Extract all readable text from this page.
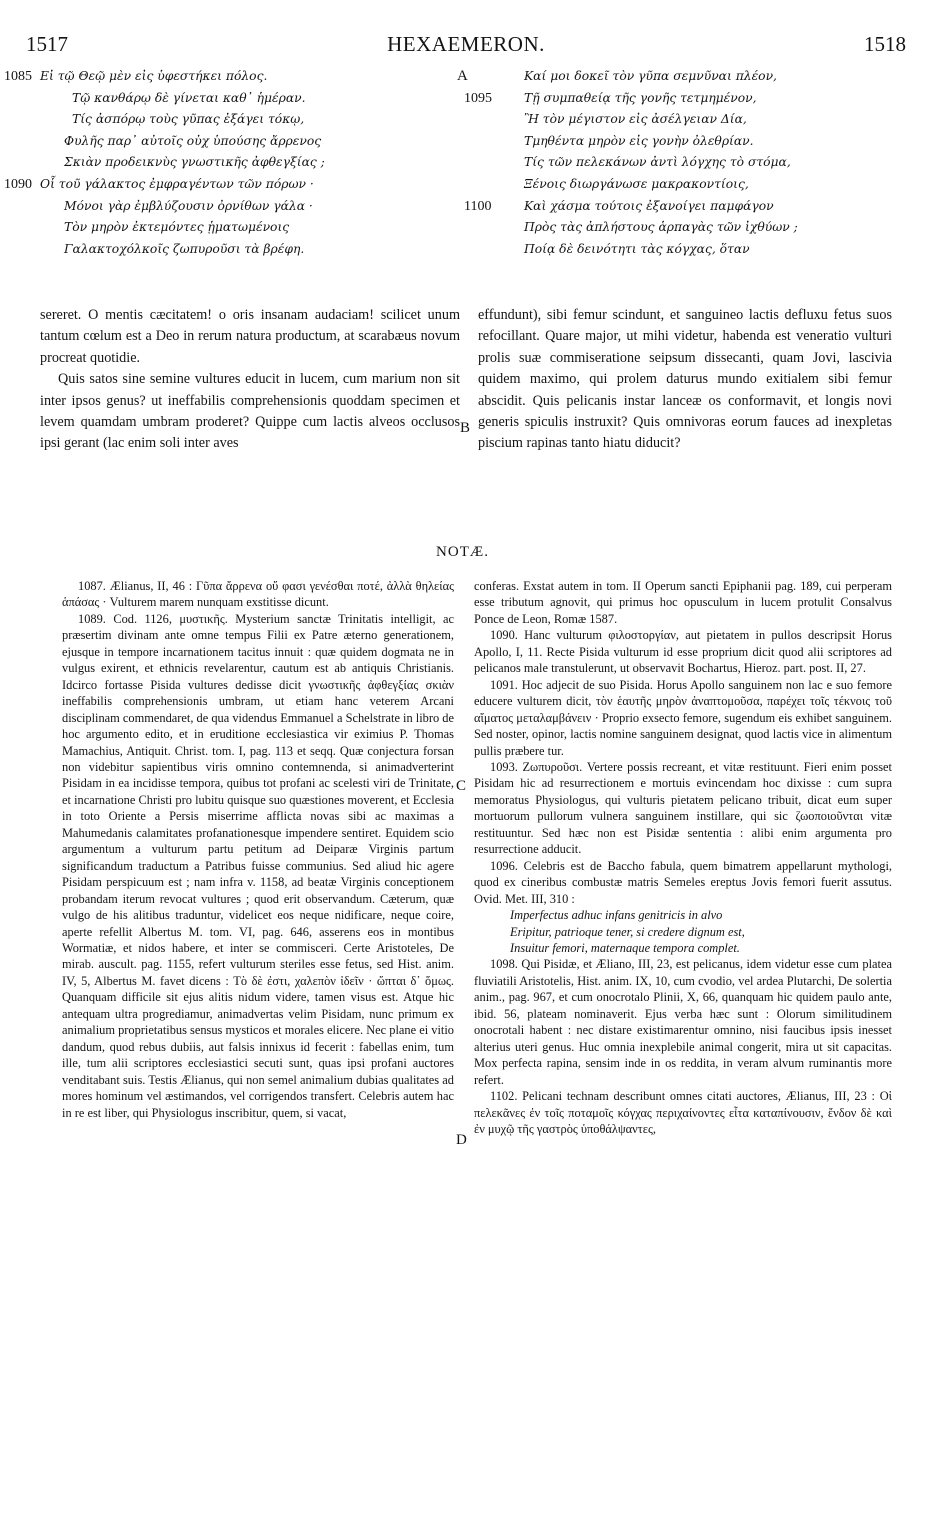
1517	HEXAEMERON.	1518
1085 Εἰ τῷ Θεῷ μὲν εἰς ὑφεστήκει πόλος.
Τῷ κανθάρῳ δὲ γίνεται καθ᾽ ἡμέραν.
Τίς ἀσπόρῳ τοὺς γῦπας ἐξάγει τόκῳ,
Φυλῆς παρ᾽ αὐτοῖς οὐχ ὑπούσης ἄρρενος
Σκιὰν προδεικνὺς γνωστικῆς ἀφθεγξίας ;
1090 Οἷ τοῦ γάλακτος ἐμφραγέντων τῶν πόρων ·
Μόνοι γὰρ ἐμβλύζουσιν ὀρνίθων γάλα ·
Τὸν μηρὸν ἐκτεμόντες ᾑματωμένοις
Γαλακτοχόλκοῖς ζωπυροῦσι τὰ βρέφη.
A	Καί μοι δοκεῖ τὸν γῦπα σεμνῦναι πλέον,
1095	Τῇ συμπαθείᾳ τῆς γονῆς τετμημένον,
Ἢ τὸν μέγιστον εἰς ἀσέλγειαν Δία,
Τμηθέντα μηρὸν εἰς γονὴν ὀλεθρίαν.
Τίς τῶν πελεκάνων ἀντὶ λόγχης τὸ στόμα,
Ξένοις διωργάνωσε μακρακοντίοις,
1100	Καὶ χάσμα τούτοις ἐξανοίγει παμφάγον
Πρὸς τὰς ἀπλήστους ἁρπαγὰς τῶν ἰχθύων ;
Ποίᾳ δὲ δεινότητι τὰς κόγχας, ὅταν

sereret. O mentis cæcitatem! o oris insanam audaciam! scilicet unum tantum cœlum est a Deo in rerum natura productum, at scarabæus novum procreat quotidie.

Quis satos sine semine vultures educit in lucem, cum marium non sit inter ipsos genus? ut ineffabilis comprehensionis quoddam specimen et levem quamdam umbram proderet? Quippe cum lactis alveos occlusos ipsi gerant (lac enim soli inter aves

B

effundunt), sibi femur scindunt, et sanguineo lactis defluxu fetus suos refocillant. Quare major, ut mihi videtur, habenda est veneratio vulturi prolis suæ commiseratione seipsum dissecanti, quam Jovi, lascivia quidem maximo, qui prolem daturus mundo exitialem sibi femur abscidit. Quis pelicanis instar lanceæ os conformavit, et longis novi generis spiculis instruxit? Quis omnivoras eorum fauces ad inexpletas piscium rapinas tanto hiatu diducit?

NOTÆ.

1087. Ælianus, II, 46 : Γῦπα ἄρρενα οὔ φασι γενέσθαι ποτέ, ἀλλὰ θηλείας ἁπάσας · Vulturem marem nunquam exstitisse dicunt.

1089. Cod. 1126, μυστικῆς. Mysterium sanctæ Trinitatis intelligit, ac præsertim divinam ante omne tempus Filii ex Patre æterno generationem, ejusque in tempore incarnationem tacitus innuit : quæ quidem dogmata ne in vulgus exirent, et ethnicis revelarentur, cautum est ab antiquis Christianis. Idcirco fortasse Pisida vultures dedisse dicit γνωστικῆς ἀφθεγξίας σκιὰν ineffabilis comprehensionis umbram, ut etiam hanc veterem Arcani disciplinam commendaret, de qua videndus Emmanuel a Schelstrate in libro de hoc argumento edito, et in eruditione ecclesiastica vir eximius P. Thomas Mamachius, Antiquit. Christ. tom. I, pag. 113 et seqq. Quæ conjectura forsan non videbitur sapientibus viris omnino contemnenda, si animadverterint Pisidam in ea incidisse tempora, quibus tot profani ac scelesti viri de Trinitate, et incarnatione Christi pro lubitu quisque suo quæstiones moverent, et Ecclesia in toto Oriente a Persis miserrime afflicta novas sibi ac maximas a Mahumedanis calamitates profanationesque impendere sentiret. Equidem scio argumentum a vulturum partu petitum ad Deiparæ Virginis partum significandum traductum a Patribus fuisse communius. Sed aliud hic agere Pisidam perspicuum est ; nam infra v. 1158, ad beatæ Virginis conceptionem probandam iterum revocat vultures ; quod erit observandum. Cæterum, quæ vulgo de his alitibus traduntur, videlicet eos neque nidificare, neque coire, aperte refellit Albertus M. tom. VI, pag. 646, asserens eos in montibus Wormatiæ, et nidos habere, et inter se commisceri. Certe Aristoteles, De mirab. auscult. pag. 1155, refert vulturum steriles esse fetus, sed Hist. anim. IV, 5, Albertus M. favet dicens : Τὸ δὲ ἐστι, χαλεπὸν ἰδεῖν · ὤπται δ᾽ ὅμως. Quanquam difficile sit ejus alitis nidum videre, tamen visus est. Atque hic antequam ultra progrediamur, animadvertas velim Pisidam, nunc primum ex animalium proprietatibus sensus mysticos et morales elicere. Nec plane ei vitio dandum, quod rebus dubiis, aut falsis innixus id fecerit : fabellas enim, tum ille, tum alii scriptores ecclesiastici secuti sunt, quas ipsi profani auctores venditabant suis. Testis Ælianus, qui non semel animalium dubias qualitates ad mores hominum vel æstimandos, vel corrigendos transfert. Celebris autem hac in re est liber, qui Physiologus inscribitur, quem, si vacat,

C
D

conferas. Exstat autem in tom. II Operum sancti Epiphanii pag. 189, cui perperam esse tributum agnovit, qui primus hoc opusculum in lucem protulit Consalvus Ponce de Leon, Romæ 1587.

1090. Hanc vulturum φιλοστοργίαν, aut pietatem in pullos descripsit Horus Apollo, I, 11. Recte Pisida vulturum id esse proprium dicit quod alii scriptores ad pelicanos male transtulerunt, ut observavit Bochartus, Hieroz. part. post. II, 27.

1091. Hoc adjecit de suo Pisida. Horus Apollo sanguinem non lac e suo femore educere vulturem dicit, τὸν ἑαυτῆς μηρὸν ἀναπτομοῦσα, παρέχει τοῖς τέκνοις τοῦ αἵματος μεταλαμβάνειν · Proprio exsecto femore, sugendum eis exhibet sanguinem. Sed noster, opinor, lactis nomine sanguinem designat, quod lactis vice in alimentum pullis præbere tur.

1093. Ζωπυροῦσι. Vertere possis recreant, et vitæ restituunt. Fieri enim posset Pisidam hic ad resurrectionem e mortuis evincendam hoc dixisse : cum supra memoratus Physiologus, qui vulturis pietatem pelicano tribuit, dicat eum super mortuorum pullorum vulnera sanguinem instillare, qui sic ζωοποιοῦνται vitæ restituuntur. Sed hæc non est Pisidæ sententia : alibi enim argumenta pro resurrectione adducit.

1096. Celebris est de Baccho fabula, quem bimatrem appellarunt mythologi, quod ex cineribus combustæ matris Semeles ereptus Jovis femori fuerit assutus. Ovid. Met. III, 310 :

Imperfectus adhuc infans genitricis in alvo
Eripitur, patrioque tener, si credere dignum est,
Insuitur femori, maternaque tempora complet.

1098. Qui Pisidæ, et Æliano, III, 23, est pelicanus, idem videtur esse cum platea fluviatili Aristotelis, Hist. anim. IX, 10, cum cvodio, vel ardea Plutarchi, De solertia anim., pag. 967, et cum onocrotalo Plinii, X, 66, quanquam hic quidem paulo ante, ibid. 56, plateam nominaverit. Ejus verba hæc sunt : Olorum similitudinem onocrotali habent : nec distare existimarentur omnino, nisi faucibus ipsis inesset alterius uteri genus. Huc omnia inexplebile animal congerit, mira ut sit capacitas. Mox perfecta rapina, sensim inde in os reddita, in veram alvum ruminantis more refert.

1102. Pelicani technam describunt omnes citati auctores, Ælianus, III, 23 : Οἱ πελεκᾶνες ἐν τοῖς ποταμοῖς κόγχας περιχαίνοντες εἶτα καταπίνουσιν, ἔνδον δὲ καὶ ἐν μυχῷ τῆς γαστρὸς ὑποθάλψαντες,
